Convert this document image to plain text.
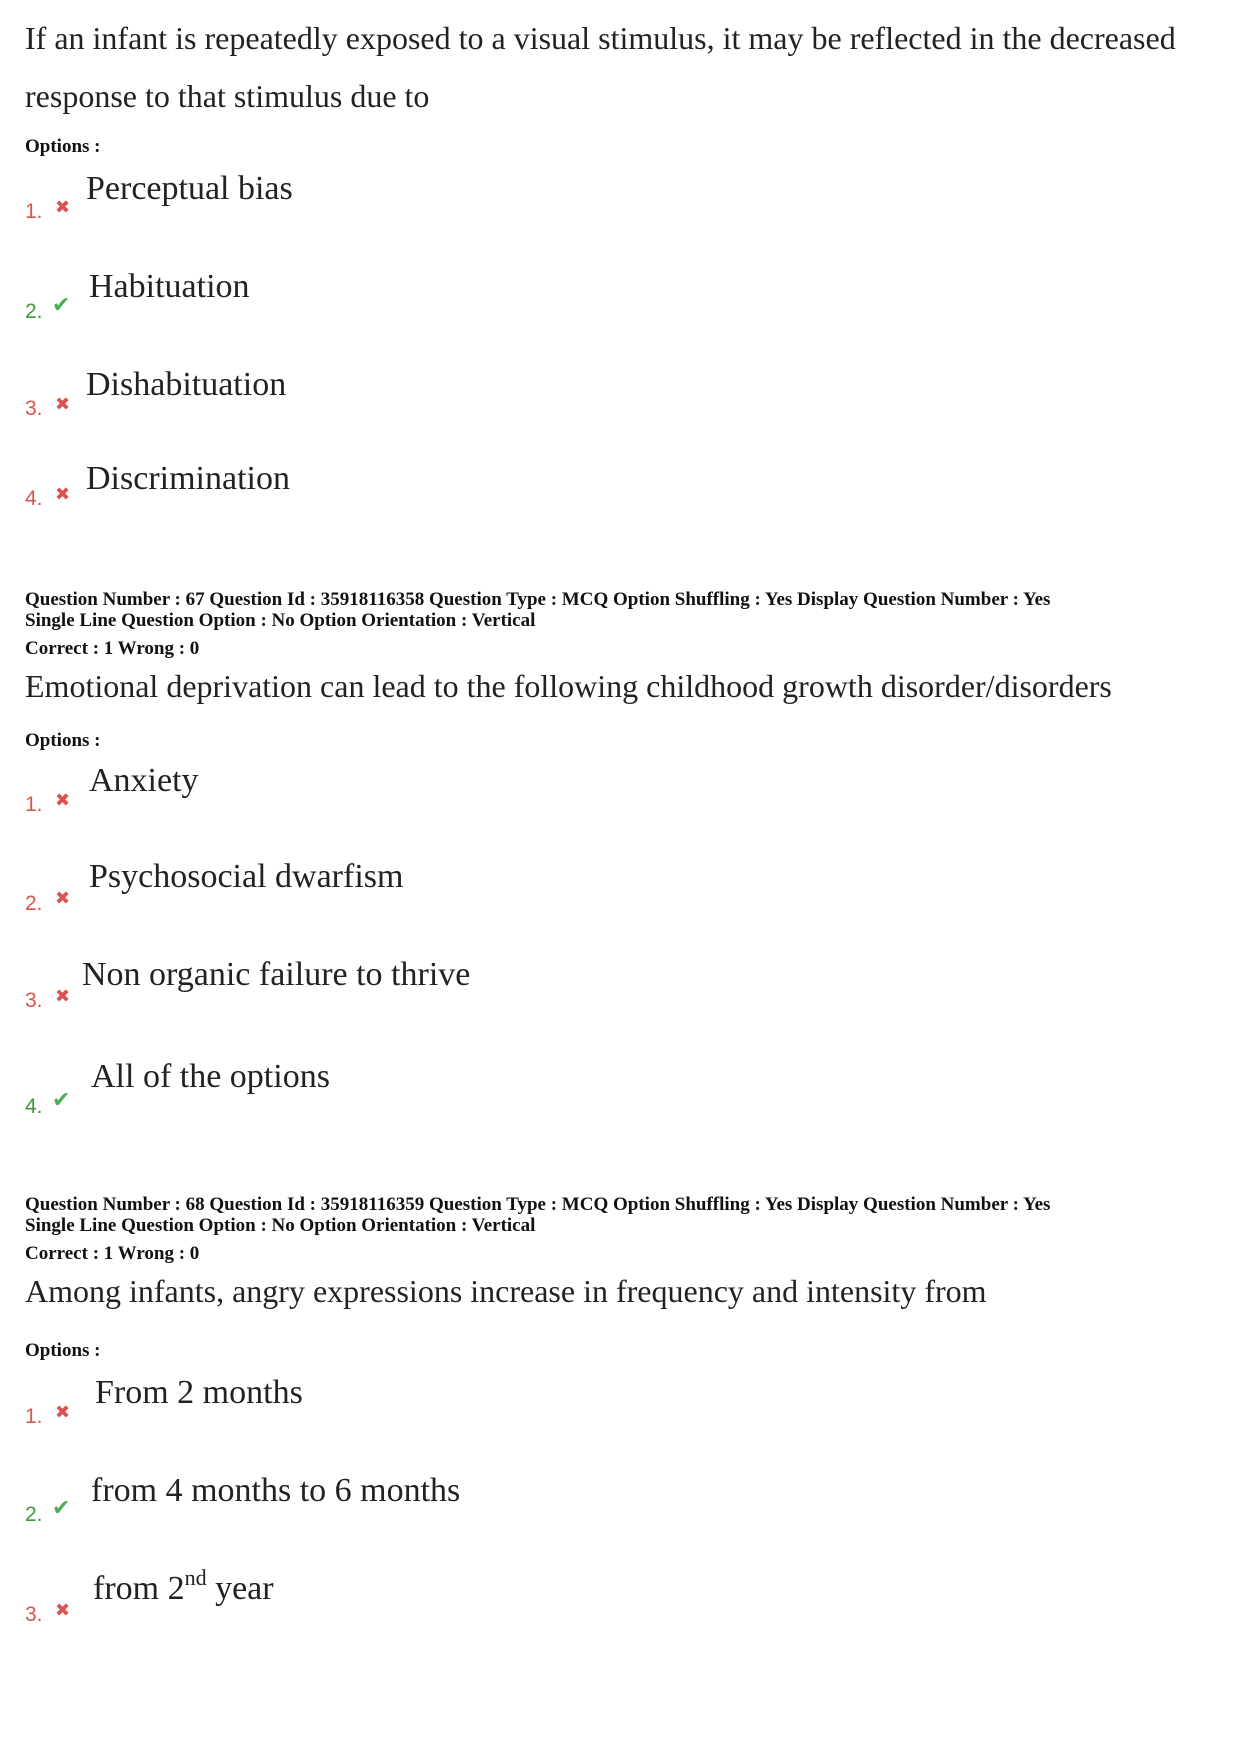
If an infant is repeatedly exposed to a visual stimulus, it may be reflected in the decreased
response to that stimulus due to
Options :
1. ✖
Perceptual bias
2. ✔
Habituation
3. ✖
Dishabituation
4. ✖ Discrimination
Question Number : 67 Question Id : 35918116358 Question Type : MCQ Option Shuffling : Yes Display Question Number : Yes
Single Line Question Option : No Option Orientation : Vertical
Correct : 1 Wrong : 0
Emotional deprivation can lead to the following childhood growth disorder/disorders
Options :
1. ✖
Anxiety
2. ✖
Psychosocial dwarfism
3. ✖
Non organic failure to thrive
4. ✔
All of the options
Question Number : 68 Question Id : 35918116359 Question Type : MCQ Option Shuffling : Yes Display Question Number : Yes
Single Line Question Option : No Option Orientation : Vertical
Correct : 1 Wrong : 0
Among infants, angry expressions increase in frequency and intensity from
Options :
1. ✖
From 2 months
2. ✔ from 4 months to 6 months
3. ✖
from 2nd year
